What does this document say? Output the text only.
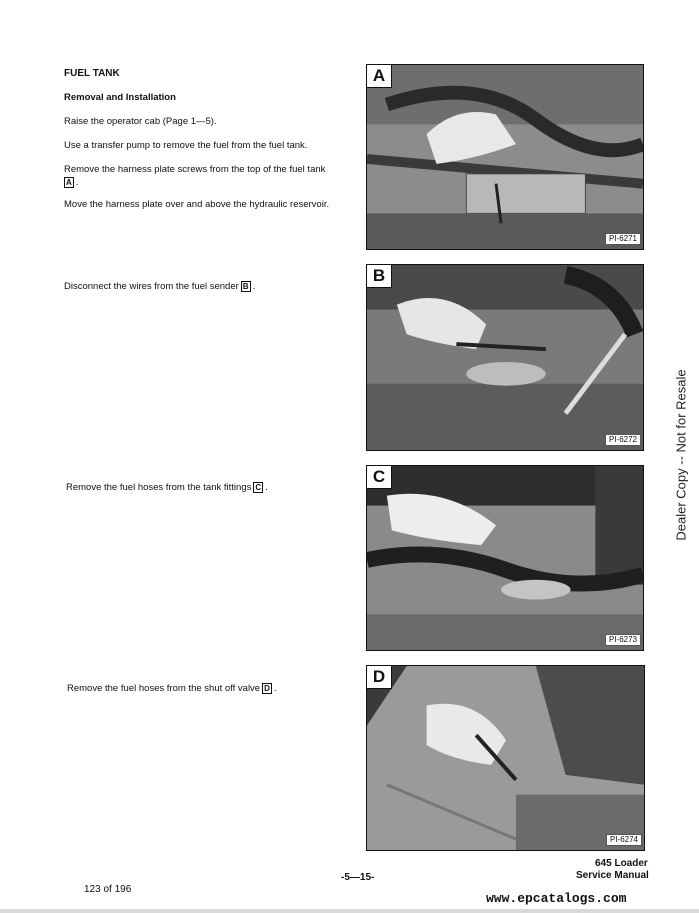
FUEL TANK
Removal and Installation
Raise the operator cab (Page 1—5).
Use a transfer pump to remove the fuel from the fuel tank.
Remove the harness plate screws from the top of the fuel tank
A .
Move the harness plate over and above the hydraulic reservoir.
Disconnect the wires from the fuel sender B .
Remove the fuel hoses from the tank fittings C .
Remove the fuel hoses from the shut off valve D .
A
PI-6271
B
PI-6272
C
PI-6273
D
PI-6274
Dealer Copy -- Not for Resale
-5—15-
645 Loader
Service Manual
123 of 196
www.epcatalogs.com
